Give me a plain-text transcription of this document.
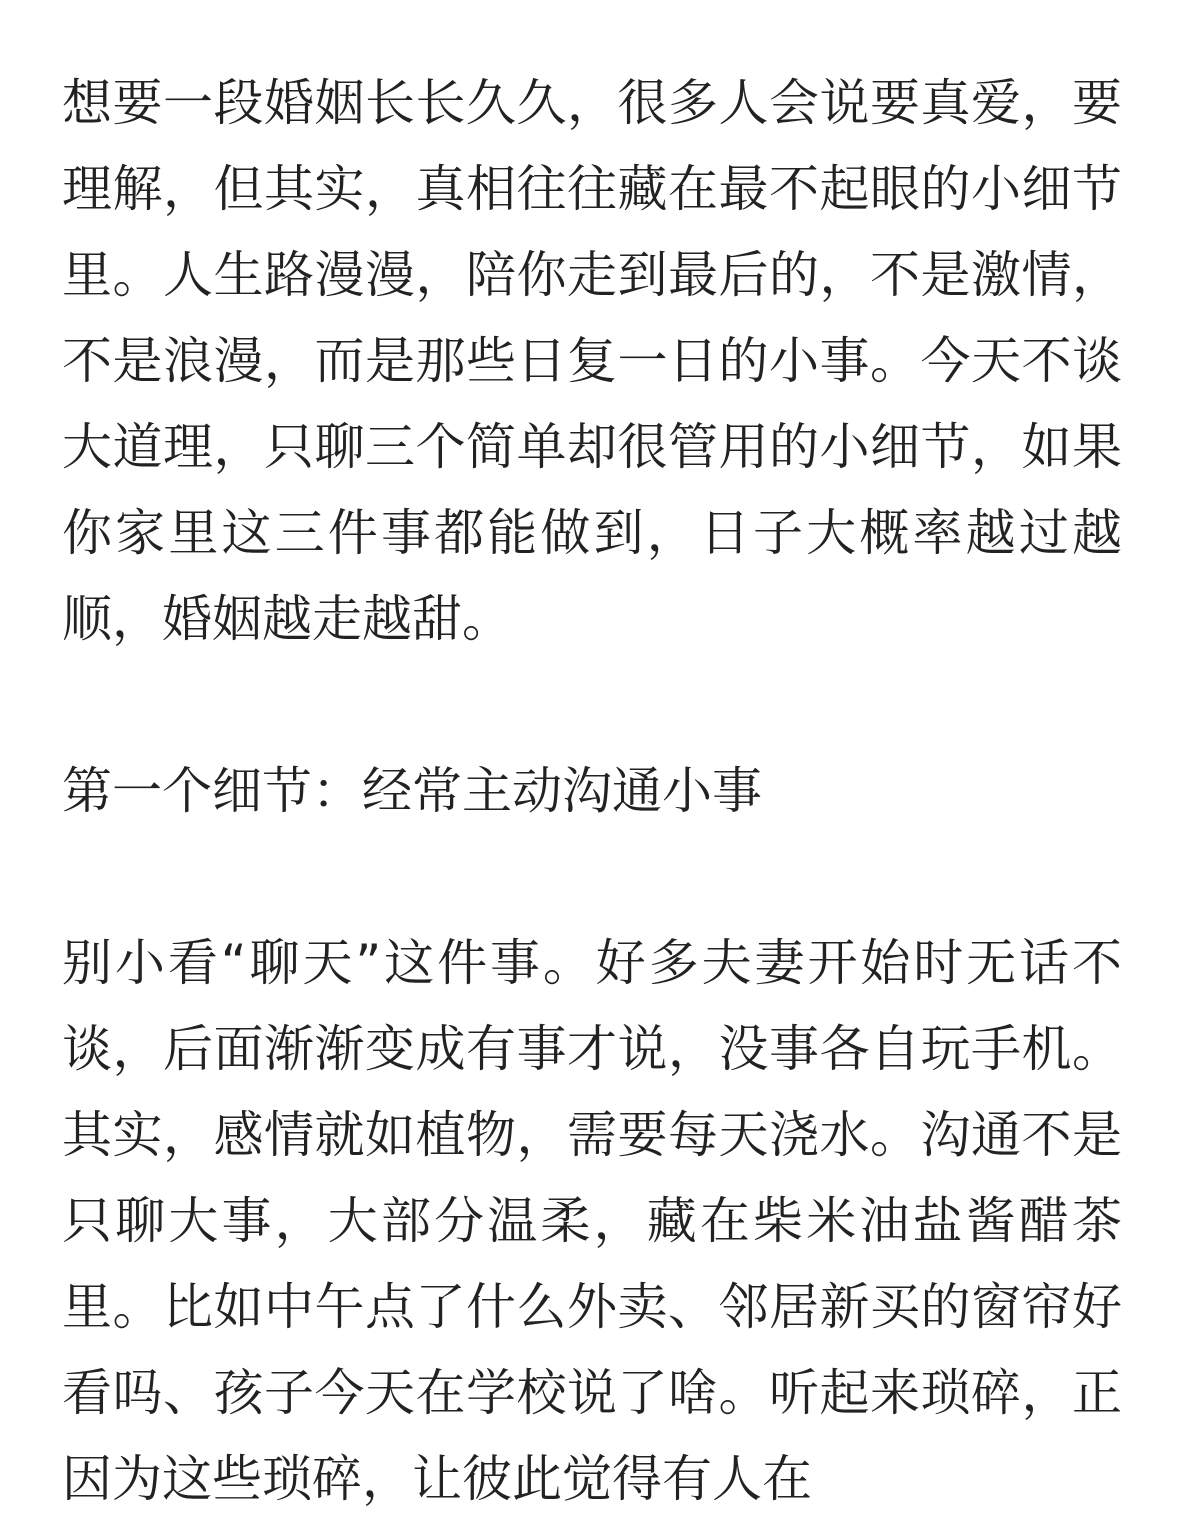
想要一段婚姻长长久久，很多人会说要真爱，要理解，但其实，真相往往藏在最不起眼的小细节里。人生路漫漫，陪你走到最后的，不是激情，不是浪漫，而是那些日复一日的小事。今天不谈大道理，只聊三个简单却很管用的小细节，如果你家里这三件事都能做到，日子大概率越过越顺，婚姻越走越甜。

第一个细节：经常主动沟通小事

别小看“聊天”这件事。好多夫妻开始时无话不谈，后面渐渐变成有事才说，没事各自玩手机。其实，感情就如植物，需要每天浇水。沟通不是只聊大事，大部分温柔，藏在柴米油盐酱醋茶里。比如中午点了什么外卖、邻居新买的窗帘好看吗、孩子今天在学校说了啥。听起来琐碎，正因为这些琐碎，让彼此觉得有人在
